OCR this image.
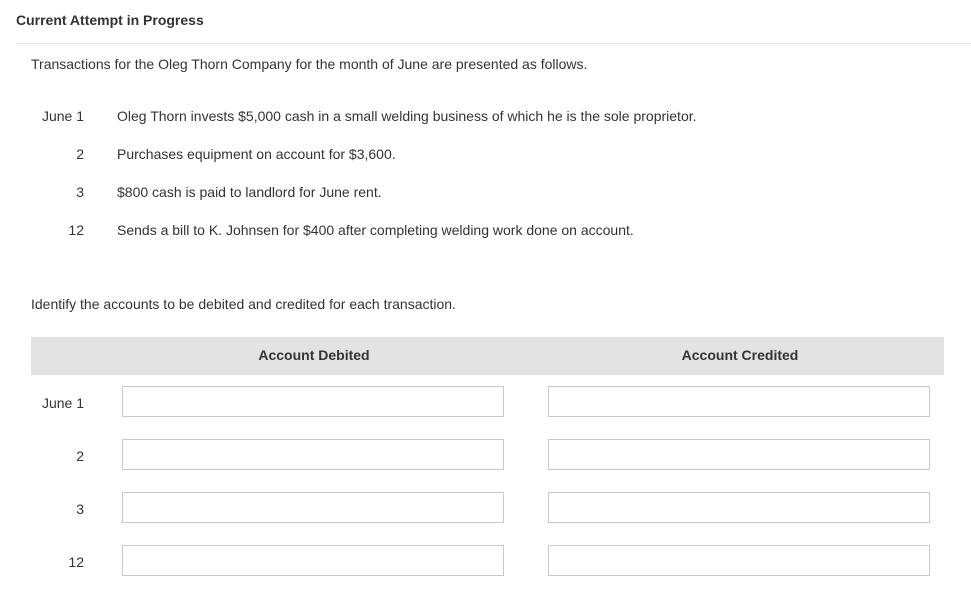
Current Attempt in Progress
Transactions for the Oleg Thorn Company for the month of June are presented as follows.
June 1 Oleg Thorn invests $5,000 cash in a small welding business of which he is the sole proprietor.
2 Purchases equipment on account for $3,600.
3 $800 cash is paid to landlord for June rent.
12 Sends a bill to K. Johnsen for $400 after completing welding work done on account.
Identify the accounts to be debited and credited for each transaction.
Account Debited	Account Credited
June 1
2
3
12
